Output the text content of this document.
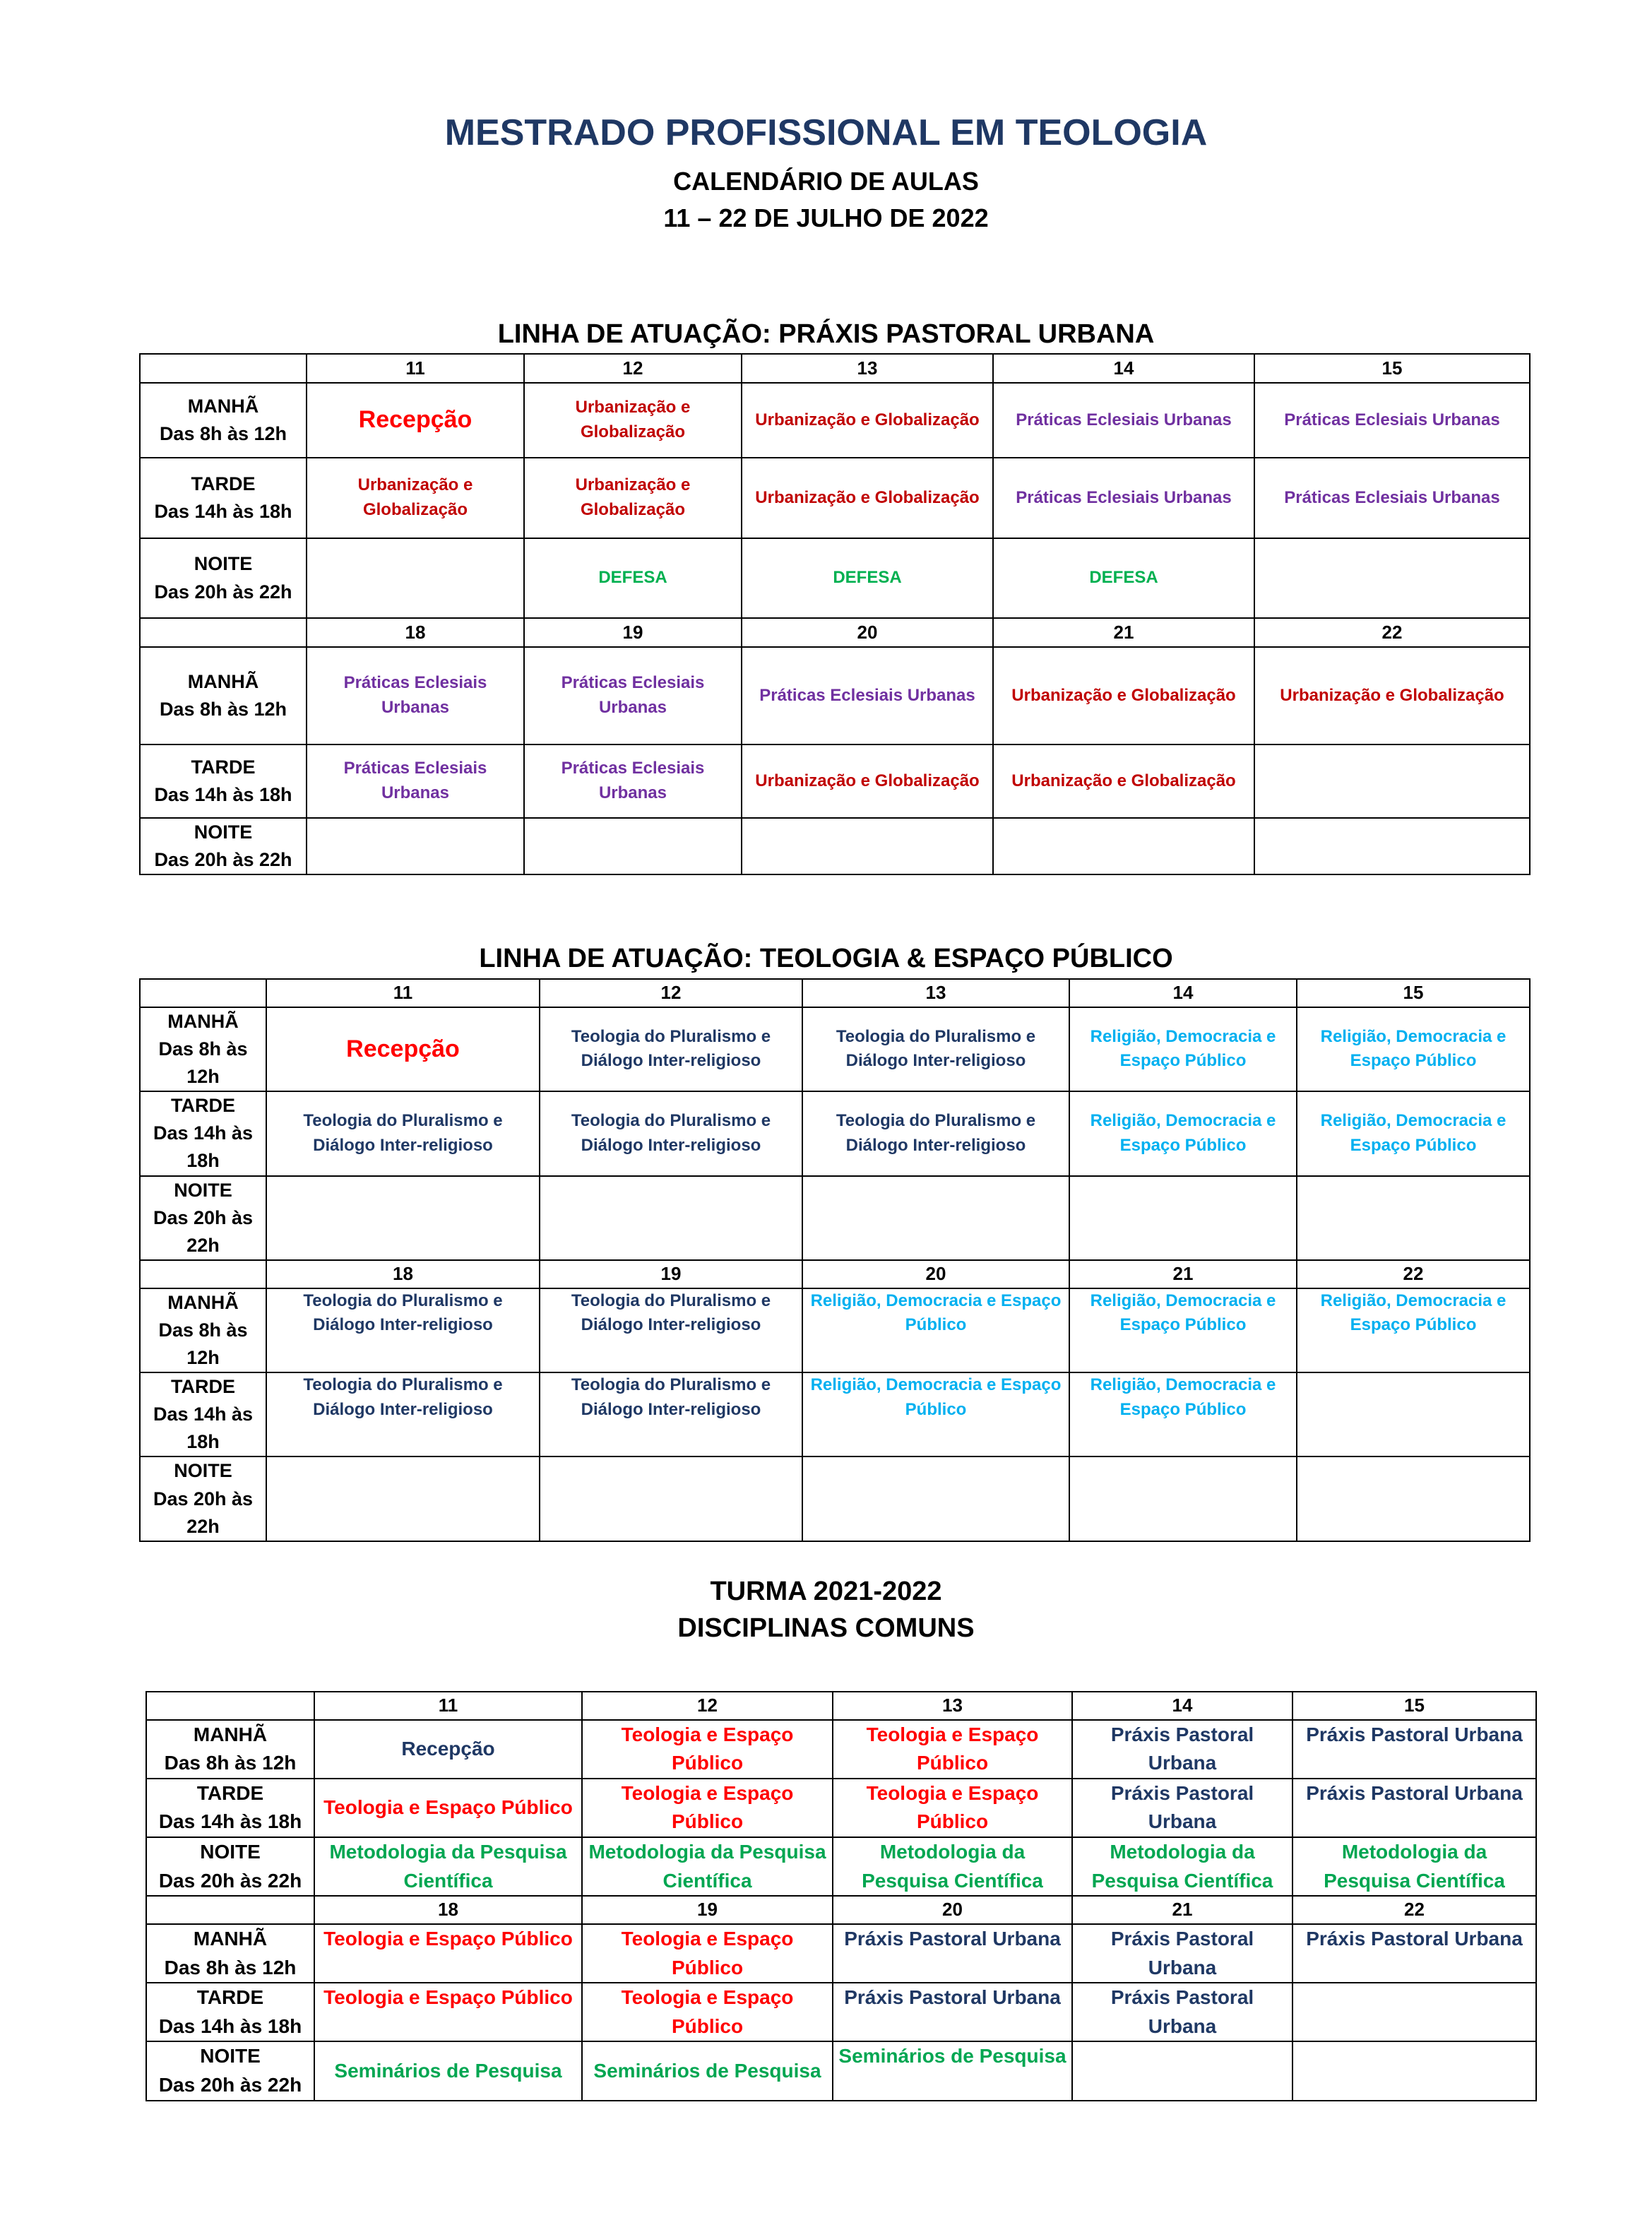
MESTRADO PROFISSIONAL EM TEOLOGIA
CALENDÁRIO DE AULAS
11 – 22 DE JULHO DE 2022
LINHA DE ATUAÇÃO: PRÁXIS PASTORAL URBANA
	11	12	13	14	15

MANHÃ
Das 8h às 12h	Recepção	Urbanização e Globalização	Urbanização e Globalização	Práticas Eclesiais Urbanas	Práticas Eclesiais Urbanas

TARDE
Das 14h às 18h	Urbanização e Globalização	Urbanização e Globalização	Urbanização e Globalização	Práticas Eclesiais Urbanas	Práticas Eclesiais Urbanas

NOITE
Das 20h às 22h		DEFESA	DEFESA	DEFESA	
	18	19	20	21	22

MANHÃ
Das 8h às 12h	Práticas Eclesiais Urbanas	Práticas Eclesiais Urbanas	Práticas Eclesiais Urbanas	Urbanização e Globalização	Urbanização e Globalização

TARDE
Das 14h às 18h	Práticas Eclesiais Urbanas	Práticas Eclesiais Urbanas	Urbanização e Globalização	Urbanização e Globalização	

NOITE
Das 20h às 22h					

LINHA DE ATUAÇÃO: TEOLOGIA & ESPAÇO PÚBLICO
	11	12	13	14	15

MANHÃ
Das 8h às
12h	Recepção	Teologia do Pluralismo e Diálogo Inter-religioso	Teologia do Pluralismo e Diálogo Inter-religioso	Religião, Democracia e Espaço Público	Religião, Democracia e Espaço Público

TARDE
Das 14h às
18h	Teologia do Pluralismo e Diálogo Inter-religioso	Teologia do Pluralismo e Diálogo Inter-religioso	Teologia do Pluralismo e Diálogo Inter-religioso	Religião, Democracia e Espaço Público	Religião, Democracia e Espaço Público

NOITE
Das 20h às
22h					

	18	19	20	21	22

MANHÃ
Das 8h às
12h	Teologia do Pluralismo e Diálogo Inter-religioso	Teologia do Pluralismo e Diálogo Inter-religioso	Religião, Democracia e Espaço Público	Religião, Democracia e Espaço Público	Religião, Democracia e Espaço Público

TARDE
Das 14h às
18h	Teologia do Pluralismo e Diálogo Inter-religioso	Teologia do Pluralismo e Diálogo Inter-religioso	Religião, Democracia e Espaço Público	Religião, Democracia e Espaço Público	

NOITE
Das 20h às
22h					

TURMA 2021-2022
DISCIPLINAS COMUNS
	11	12	13	14	15

MANHÃ
Das 8h às 12h	Recepção	Teologia e Espaço Público	Teologia e Espaço Público	Práxis Pastoral Urbana	Práxis Pastoral Urbana

TARDE
Das 14h às 18h	Teologia e Espaço Público	Teologia e Espaço Público	Teologia e Espaço Público	Práxis Pastoral Urbana	Práxis Pastoral Urbana

NOITE
Das 20h às 22h	Metodologia da Pesquisa Científica	Metodologia da Pesquisa Científica	Metodologia da Pesquisa Científica	Metodologia da Pesquisa Científica	Metodologia da Pesquisa Científica
	18	19	20	21	22

MANHÃ
Das 8h às 12h	Teologia e Espaço Público	Teologia e Espaço Público	Práxis Pastoral Urbana	Práxis Pastoral Urbana	Práxis Pastoral Urbana

TARDE
Das 14h às 18h	Teologia e Espaço Público	Teologia e Espaço Público	Práxis Pastoral Urbana	Práxis Pastoral Urbana	

NOITE
Das 20h às 22h	Seminários de Pesquisa	Seminários de Pesquisa	Seminários de Pesquisa		
